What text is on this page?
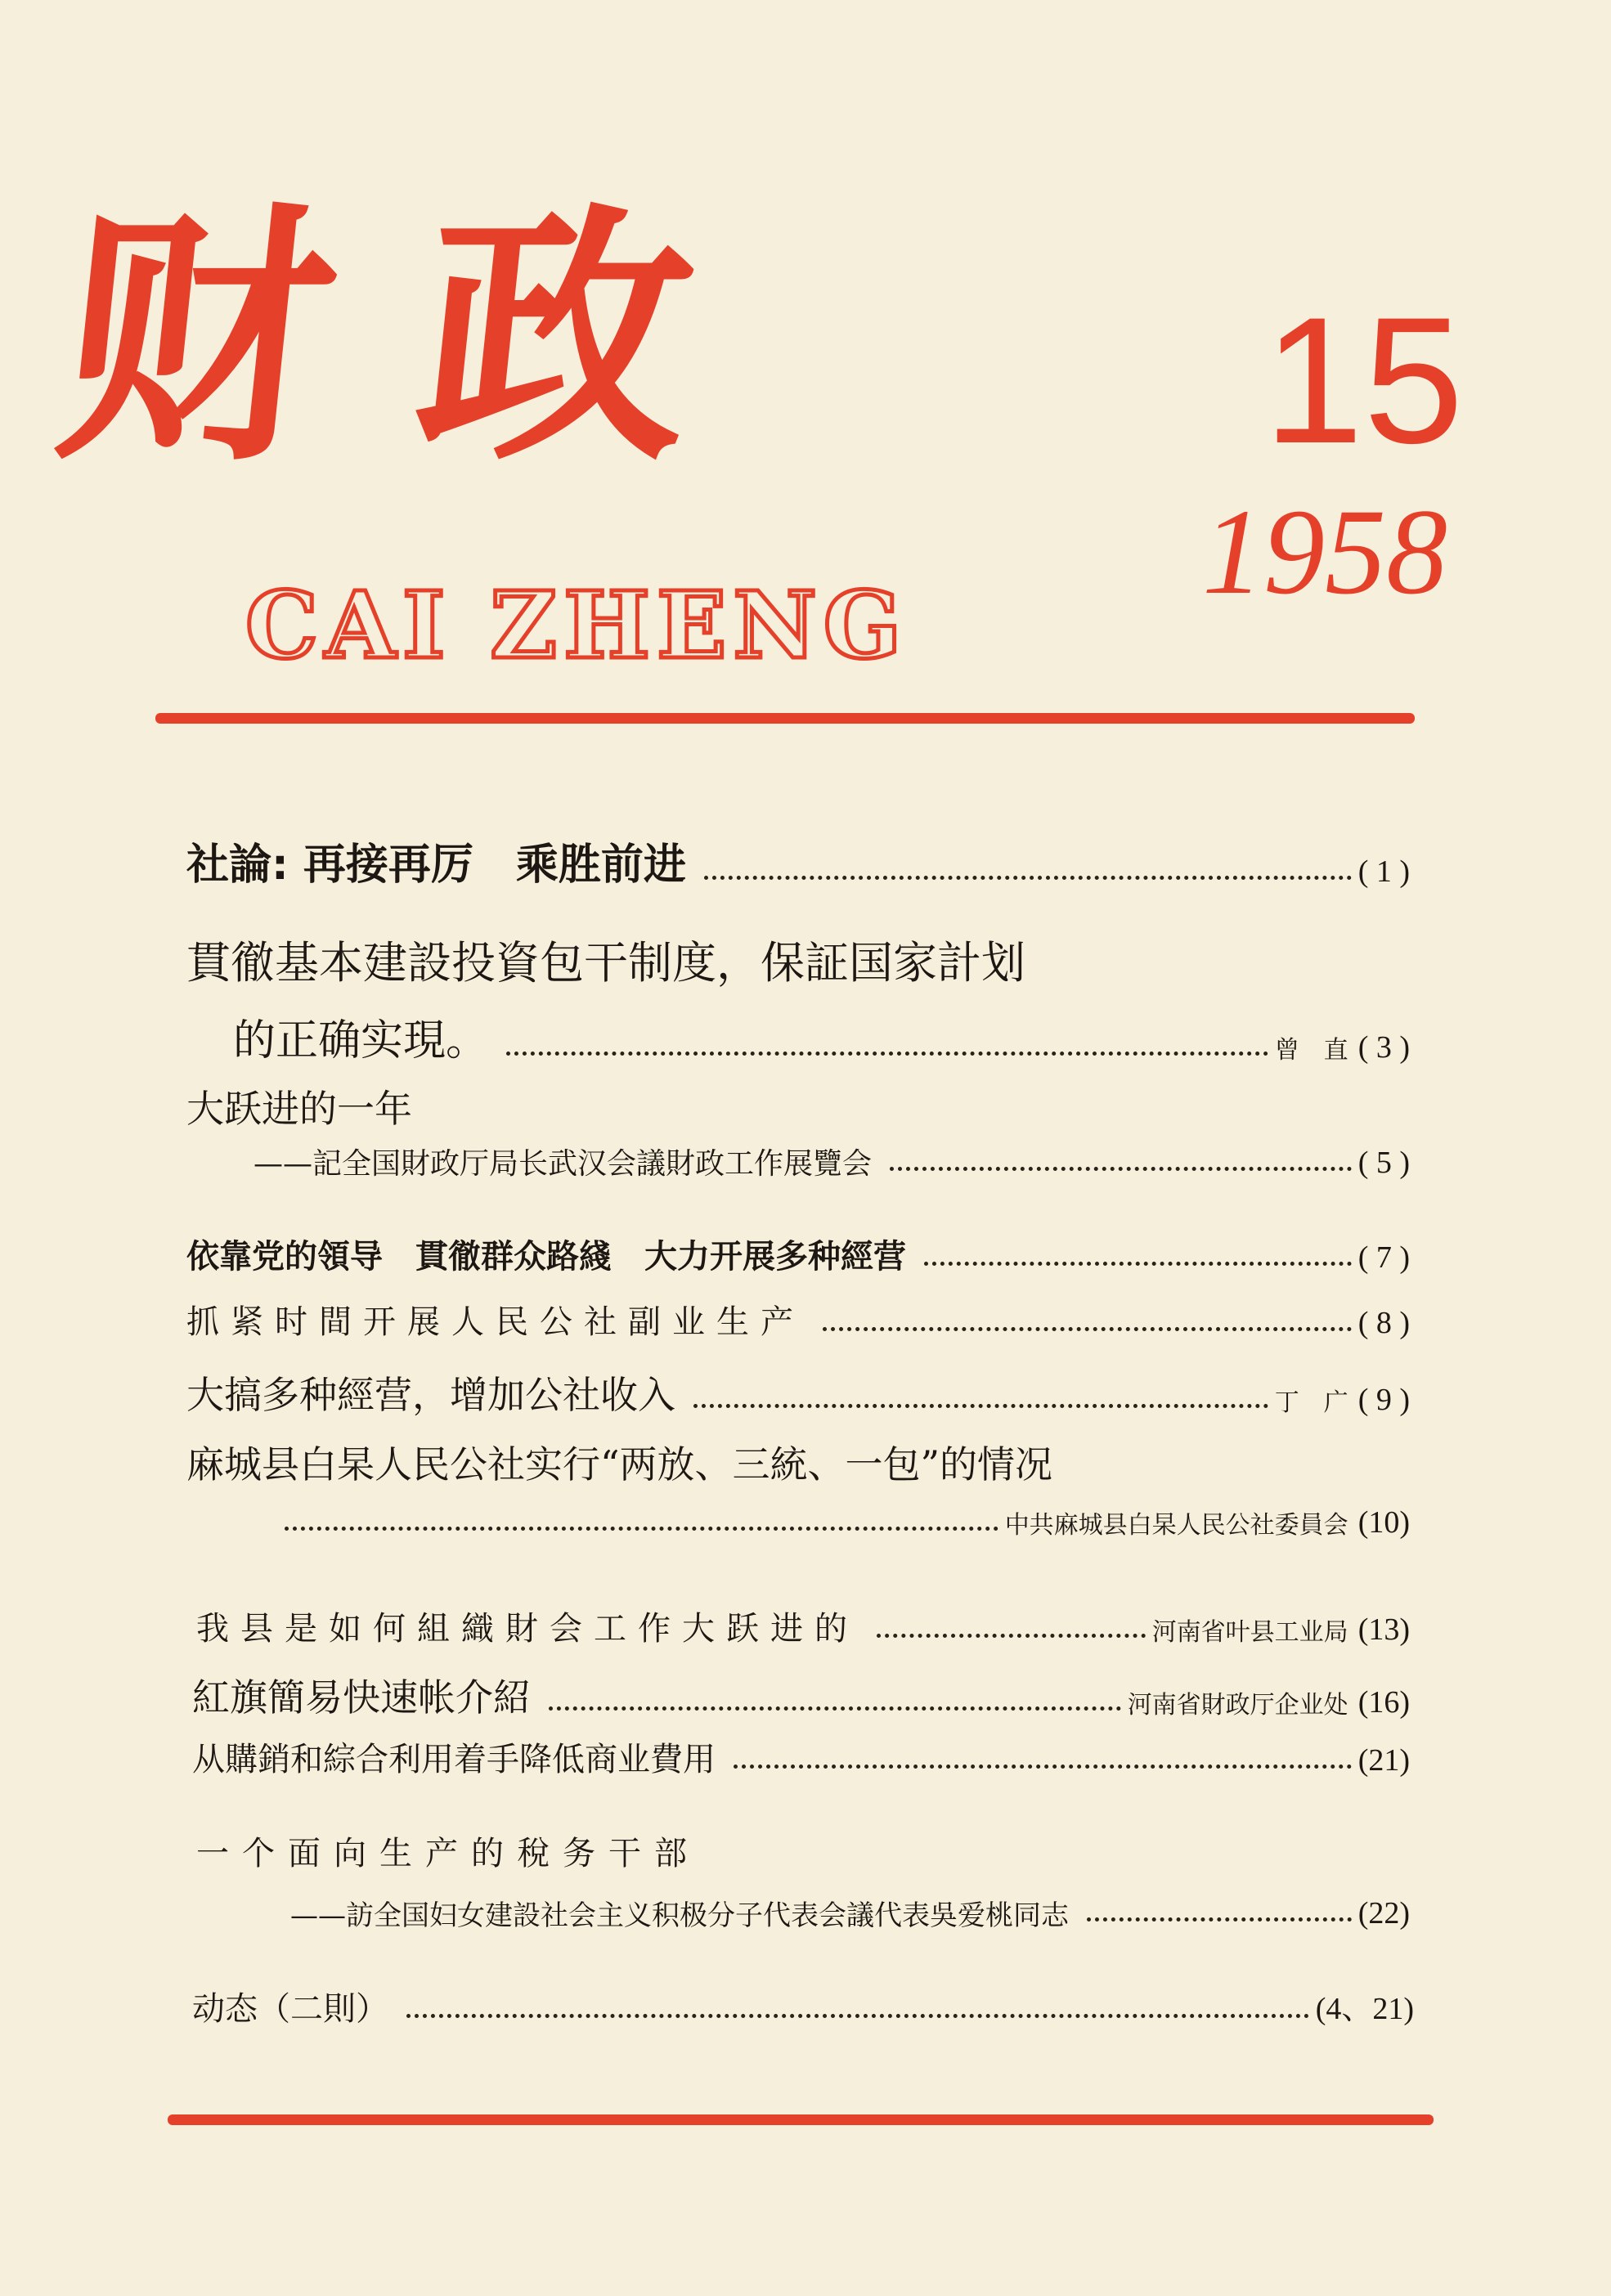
财政
CAI ZHENG
15
1958
社論: 再接再厉　乘胜前进	( 1 )
貫徹基本建設投資包干制度，保証国家計划
的正确实現。	曾　直 ( 3 )
大跃进的一年
——記全国財政厅局长武汉会議財政工作展覽会	( 5 )
依靠党的領导　貫徹群众路綫　大力开展多种經营	( 7 )
抓紧时間开展人民公社副业生产	( 8 )
大搞多种經营，增加公社收入	丁　广 ( 9 )
麻城县白杲人民公社实行“两放、三統、一包”的情况
中共麻城县白杲人民公社委員会 (10)
我县是如何組織財会工作大跃进的	河南省叶县工业局 (13)
紅旗簡易快速帐介紹	河南省財政厅企业处 (16)
从購銷和綜合利用着手降低商业費用	(21)
一个面向生产的稅务干部
——訪全国妇女建設社会主义积极分子代表会議代表吳爱桃同志	(22)
动态（二則）	(4、21)
